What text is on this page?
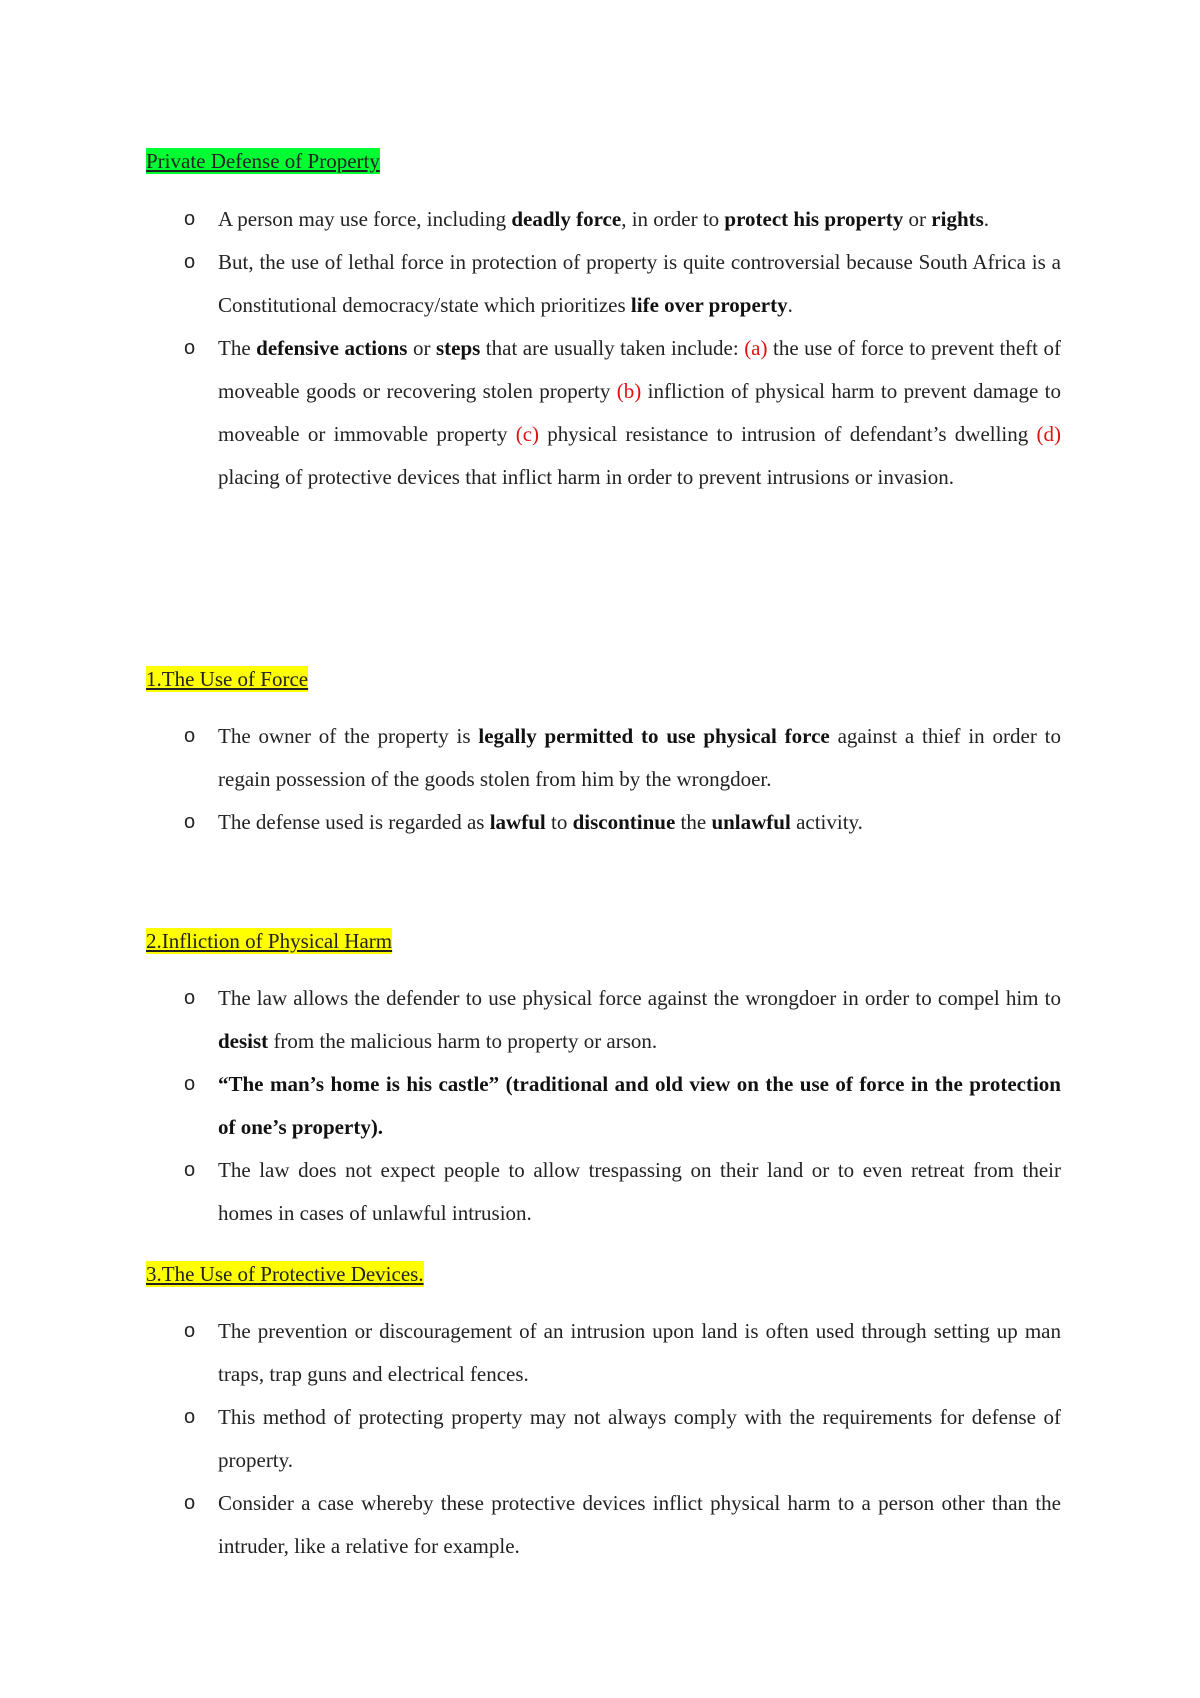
Private Defense of Property
o A person may use force, including deadly force, in order to protect his property or rights.
o But, the use of lethal force in protection of property is quite controversial because South Africa is a Constitutional democracy/state which prioritizes life over property.
o The defensive actions or steps that are usually taken include: (a) the use of force to prevent theft of moveable goods or recovering stolen property (b) infliction of physical harm to prevent damage to moveable or immovable property (c) physical resistance to intrusion of defendant’s dwelling (d) placing of protective devices that inflict harm in order to prevent intrusions or invasion.
1.The Use of Force
o The owner of the property is legally permitted to use physical force against a thief in order to regain possession of the goods stolen from him by the wrongdoer.
o The defense used is regarded as lawful to discontinue the unlawful activity.
2.Infliction of Physical Harm
o The law allows the defender to use physical force against the wrongdoer in order to compel him to desist from the malicious harm to property or arson.
o “The man’s home is his castle” (traditional and old view on the use of force in the protection of one’s property).
o The law does not expect people to allow trespassing on their land or to even retreat from their homes in cases of unlawful intrusion.
3.The Use of Protective Devices.
o The prevention or discouragement of an intrusion upon land is often used through setting up man traps, trap guns and electrical fences.
o This method of protecting property may not always comply with the requirements for defense of property.
o Consider a case whereby these protective devices inflict physical harm to a person other than the intruder, like a relative for example.
